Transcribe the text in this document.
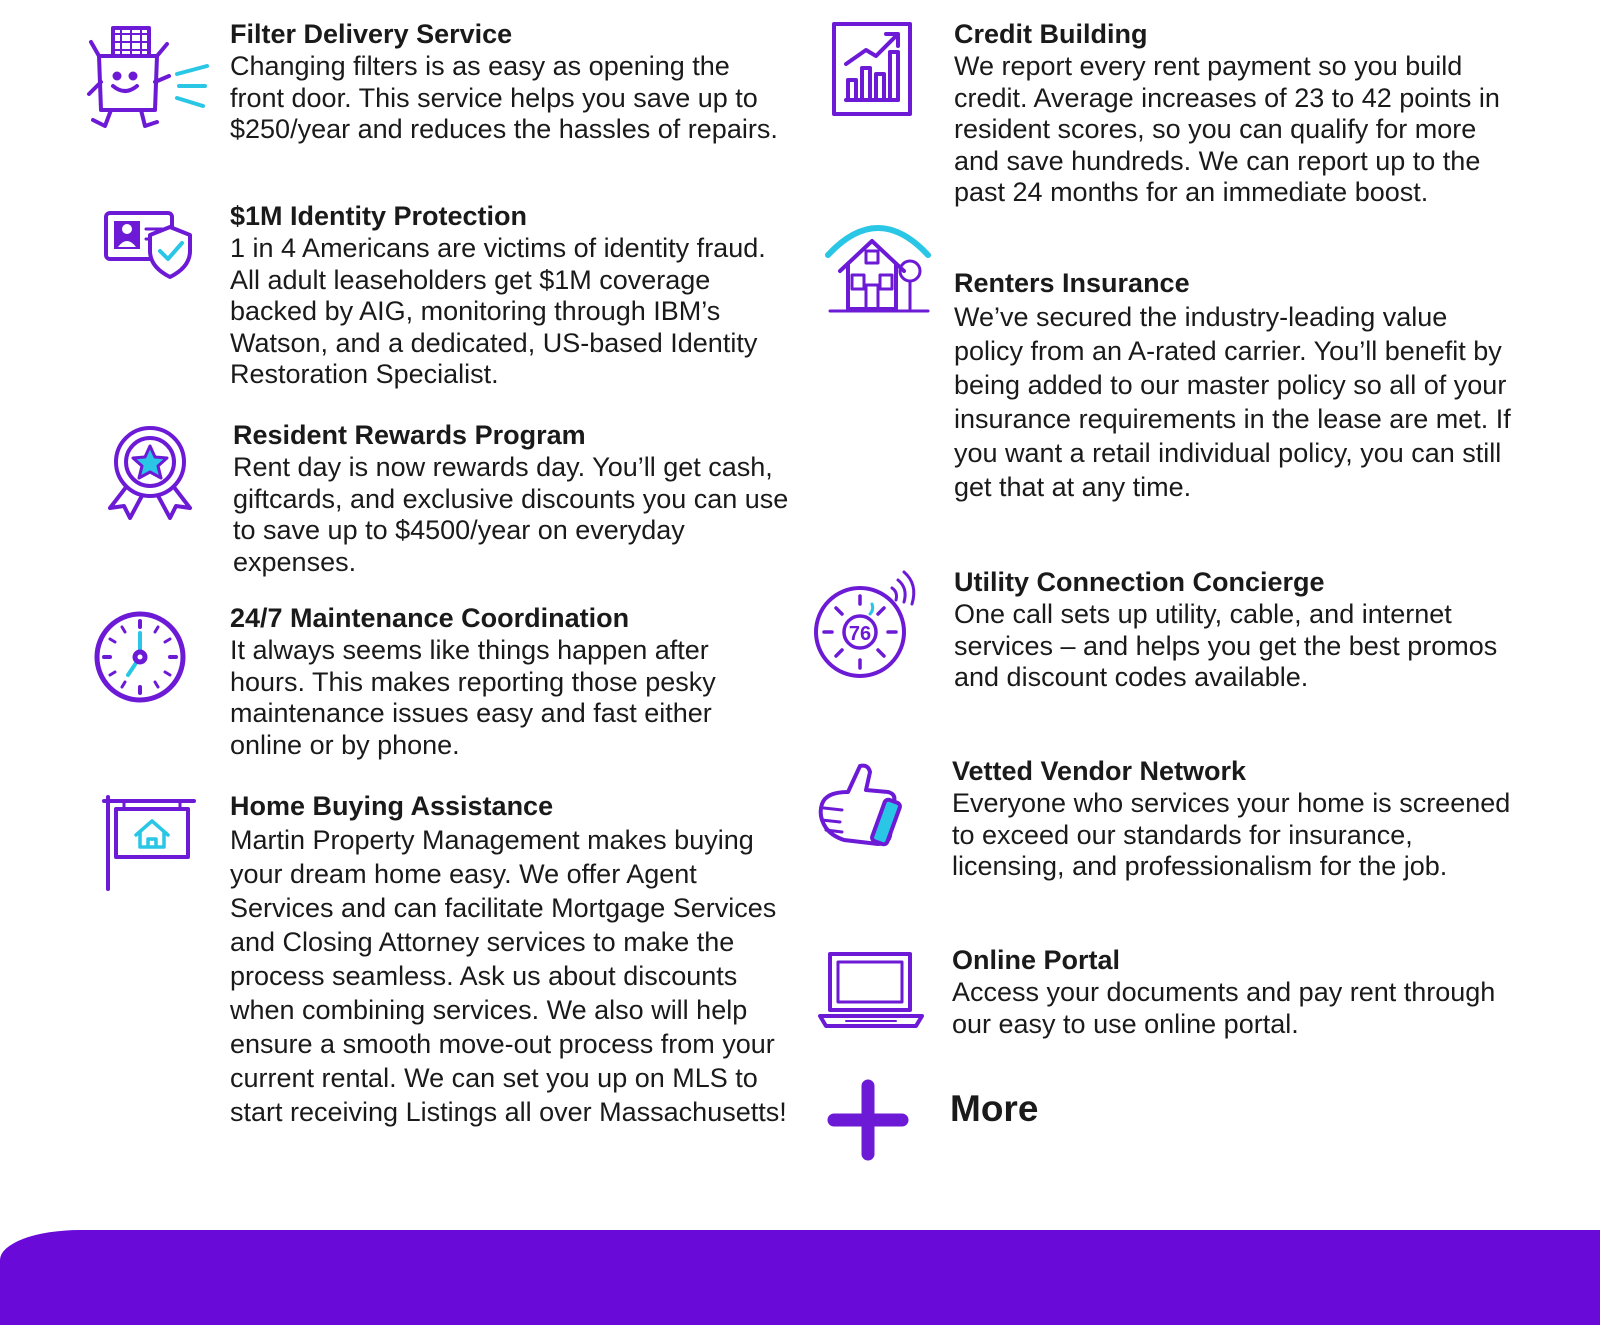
Filter Delivery Service

Changing filters is as easy as opening the front door. This service helps you save up to $250/year and reduces the hassles of repairs.

$1M Identity Protection

1 in 4 Americans are victims of identity fraud. All adult leaseholders get $1M coverage backed by AIG, monitoring through IBM’s Watson, and a dedicated, US-based Identity Restoration Specialist.

Resident Rewards Program

Rent day is now rewards day. You’ll get cash, giftcards, and exclusive discounts you can use to save up to $4500/year on everyday expenses.

24/7 Maintenance Coordination

It always seems like things happen after hours. This makes reporting those pesky maintenance issues easy and fast either online or by phone.

Home Buying Assistance

Martin Property Management makes buying your dream home easy. We offer Agent Services and can facilitate Mortgage Services and Closing Attorney services to make the process seamless. Ask us about discounts when combining services. We also will help ensure a smooth move-out process from your current rental. We can set you up on MLS to start receiving Listings all over Massachusetts!

Credit Building

We report every rent payment so you build credit. Average increases of 23 to 42 points in resident scores, so you can qualify for more and save hundreds. We can report up to the past 24 months for an immediate boost.

Renters Insurance

We’ve secured the industry-leading value policy from an A-rated carrier. You’ll benefit by being added to our master policy so all of your insurance requirements in the lease are met. If you want a retail individual policy, you can still get that at any time.

76
Utility Connection Concierge

One call sets up utility, cable, and internet services – and helps you get the best promos and discount codes available.

Vetted Vendor Network

Everyone who services your home is screened to exceed our standards for insurance, licensing, and professionalism for the job.

Online Portal

Access your documents and pay rent through our easy to use online portal.

More
